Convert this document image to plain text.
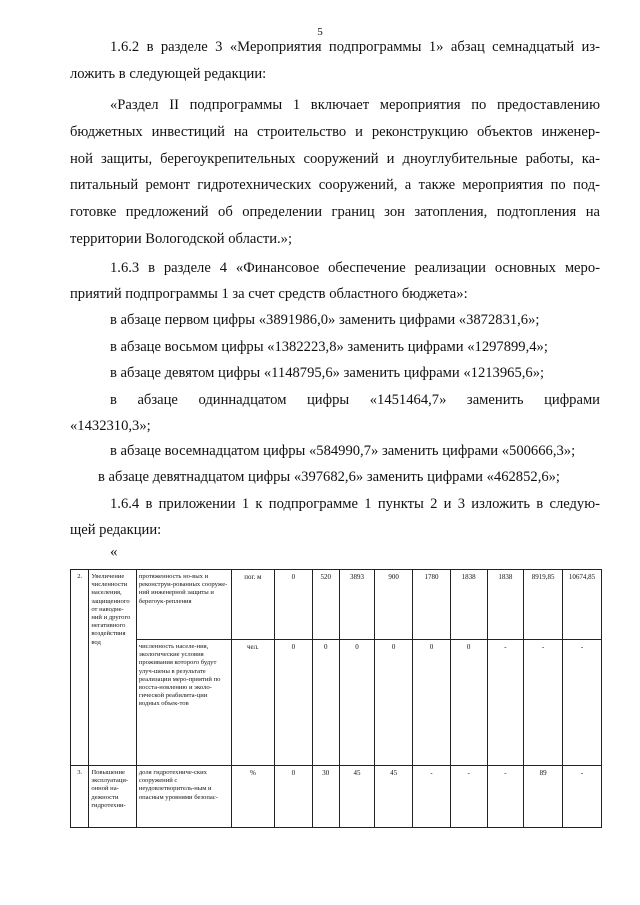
5
1.6.2 в разделе 3 «Мероприятия подпрограммы 1» абзац семнадцатый из-
ложить в следующей редакции:
«Раздел II подпрограммы 1 включает мероприятия по предоставлению
бюджетных инвестиций на строительство и реконструкцию объектов инженер-
ной защиты, берегоукрепительных сооружений и дноуглубительные работы, ка-
питальный ремонт гидротехнических сооружений, а также мероприятия по под-
готовке предложений об определении границ зон затопления, подтопления на
территории Вологодской области.»;
1.6.3 в разделе 4 «Финансовое обеспечение реализации основных меро-
приятий подпрограммы 1 за счет средств областного бюджета»:
в абзаце первом цифры «3891986,0» заменить цифрами «3872831,6»;
в абзаце восьмом цифры «1382223,8» заменить цифрами «1297899,4»;
в абзаце девятом цифры «1148795,6» заменить цифрами «1213965,6»;
в абзаце одиннадцатом цифры «1451464,7» заменить цифрами
«1432310,3»;
в абзаце восемнадцатом цифры «584990,7» заменить цифрами «500666,3»;
в абзаце девятнадцатом цифры «397682,6» заменить цифрами «462852,6»;
1.6.4 в приложении 1 к подпрограмме 1 пункты 2 и 3 изложить в следую-
щей редакции:
«
2.	Увеличение численности населения, защищенного от наводне-ний и другого негативного воздействия вод	протяженность но-вых и реконструи-рованных сооруже-ний инженерной защиты и берегоук-репления	пог. м	0	520	3893	900	1780	1838	1838	8919,85	10674,85
		численность населе-ния, экологические условия проживания которого будут улуч-шены в результате реализации меро-приятий по восста-новлению и эколо-гической реабилита-ции водных объек-тов	чел.	0	0	0	0	0	0	-	-	-
3.	Повышение эксплуатаци-онной на-дежности гидротехни-	доля гидротехниче-ских сооружений с неудовлетворитель-ным и опасным уровнями безопас-	%	0	30	45	45	-	-	-	89	-
